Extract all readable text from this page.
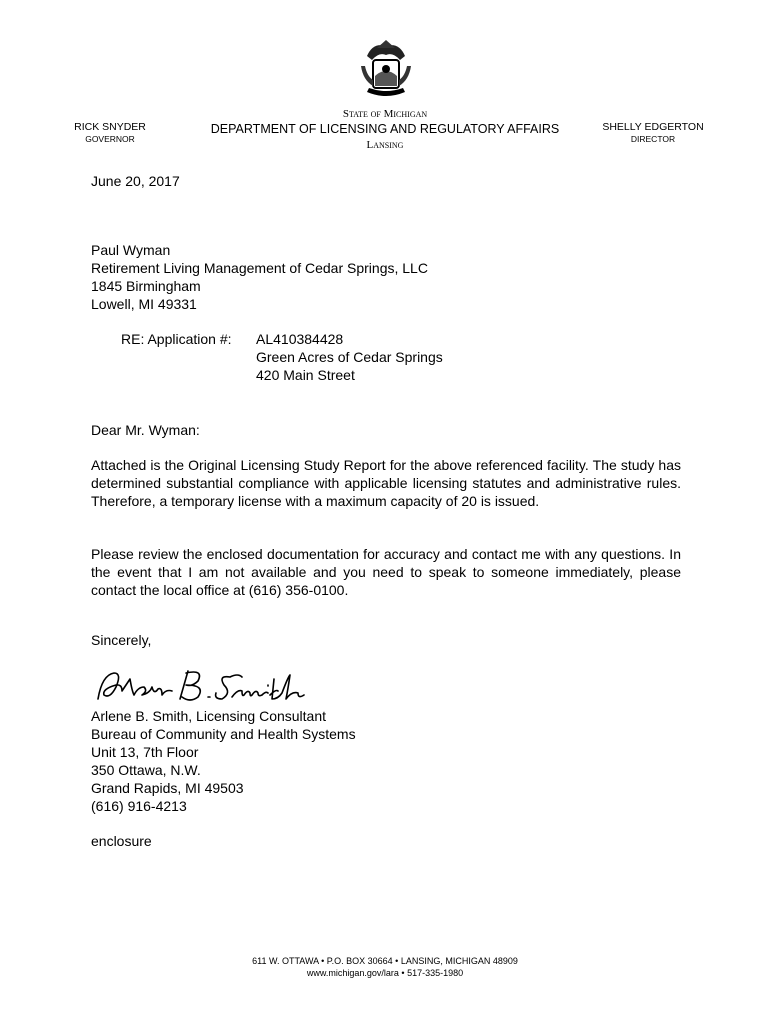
RICK SNYDER
GOVERNOR
State of Michigan
DEPARTMENT OF LICENSING AND REGULATORY AFFAIRS
Lansing
SHELLY EDGERTON
DIRECTOR
June 20, 2017
Paul Wyman
Retirement Living Management of Cedar Springs, LLC
1845 Birmingham
Lowell, MI 49331
RE: Application #: AL410384428
Green Acres of Cedar Springs
420 Main Street
Dear Mr. Wyman:

Attached is the Original Licensing Study Report for the above referenced facility. The study has determined substantial compliance with applicable licensing statutes and administrative rules. Therefore, a temporary license with a maximum capacity of 20 is issued.

Please review the enclosed documentation for accuracy and contact me with any questions. In the event that I am not available and you need to speak to someone immediately, please contact the local office at (616) 356-0100.

Sincerely,
Arlene B. Smith, Licensing Consultant
Bureau of Community and Health Systems
Unit 13, 7th Floor
350 Ottawa, N.W.
Grand Rapids, MI 49503
(616) 916-4213
enclosure
611 W. OTTAWA • P.O. BOX 30664 • LANSING, MICHIGAN 48909
www.michigan.gov/lara • 517-335-1980
